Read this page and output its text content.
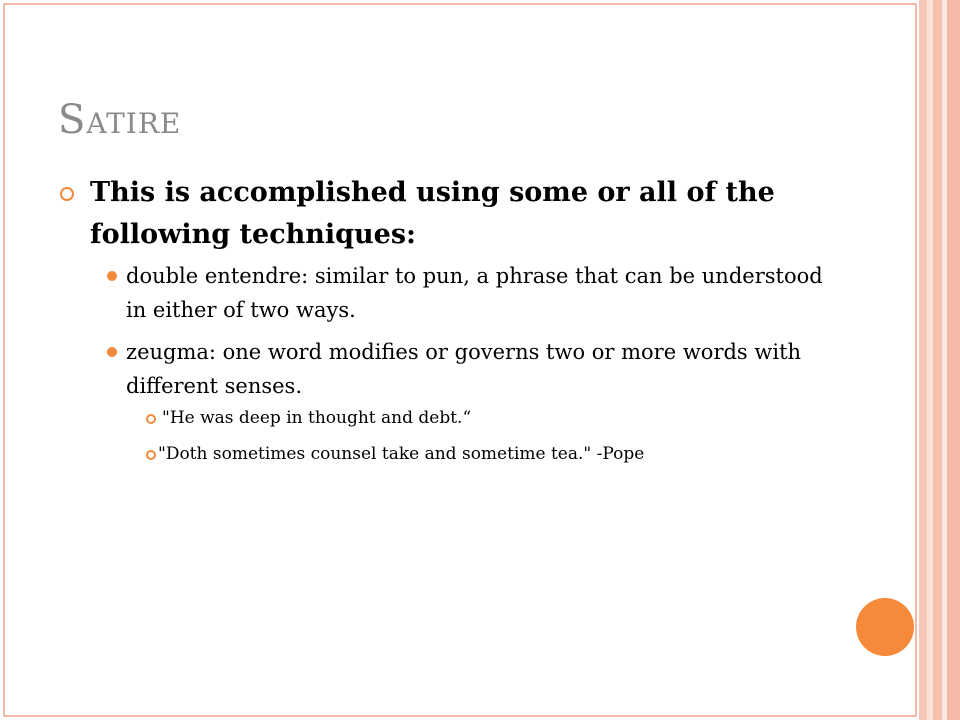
Satire

This is accomplished using some or all of the following techniques:

double entendre: similar to pun, a phrase that can be understood in either of two ways.

zeugma: one word modifies or governs two or more words with different senses.

"He was deep in thought and debt.“

"Doth sometimes counsel take and sometime tea." -Pope
